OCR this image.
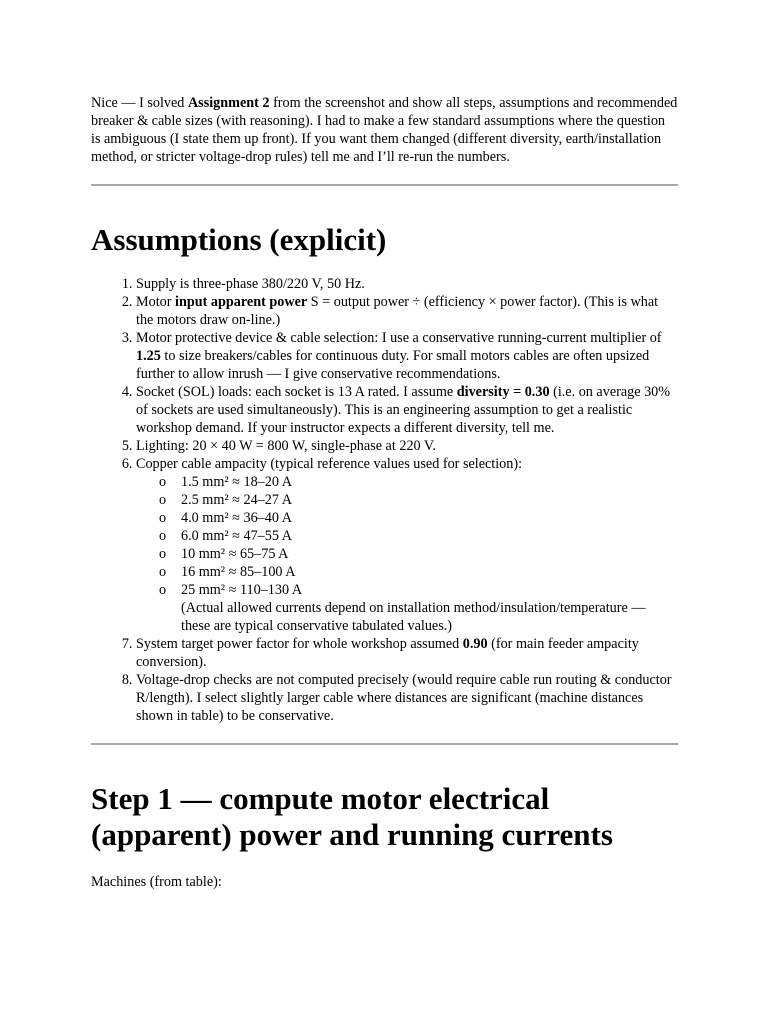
Nice — I solved Assignment 2 from the screenshot and show all steps, assumptions and recommended breaker & cable sizes (with reasoning). I had to make a few standard assumptions where the question is ambiguous (I state them up front). If you want them changed (different diversity, earth/installation method, or stricter voltage-drop rules) tell me and I’ll re-run the numbers.

Assumptions (explicit)
1. Supply is three-phase 380/220 V, 50 Hz.
2. Motor input apparent power S = output power ÷ (efficiency × power factor). (This is what the motors draw on-line.)
3. Motor protective device & cable selection: I use a conservative running-current multiplier of 1.25 to size breakers/cables for continuous duty. For small motors cables are often upsized further to allow inrush — I give conservative recommendations.
4. Socket (SOL) loads: each socket is 13 A rated. I assume diversity = 0.30 (i.e. on average 30% of sockets are used simultaneously). This is an engineering assumption to get a realistic workshop demand. If your instructor expects a different diversity, tell me.
5. Lighting: 20 × 40 W = 800 W, single-phase at 220 V.
6. Copper cable ampacity (typical reference values used for selection):
o 1.5 mm² ≈ 18–20 A
o 2.5 mm² ≈ 24–27 A
o 4.0 mm² ≈ 36–40 A
o 6.0 mm² ≈ 47–55 A
o 10 mm² ≈ 65–75 A
o 16 mm² ≈ 85–100 A
o 25 mm² ≈ 110–130 A

(Actual allowed currents depend on installation method/insulation/temperature — these are typical conservative tabulated values.)

7. System target power factor for whole workshop assumed 0.90 (for main feeder ampacity conversion).
8. Voltage-drop checks are not computed precisely (would require cable run routing & conductor R/length). I select slightly larger cable where distances are significant (machine distances shown in table) to be conservative.
Step 1 — compute motor electrical (apparent) power and running currents

Machines (from table):
